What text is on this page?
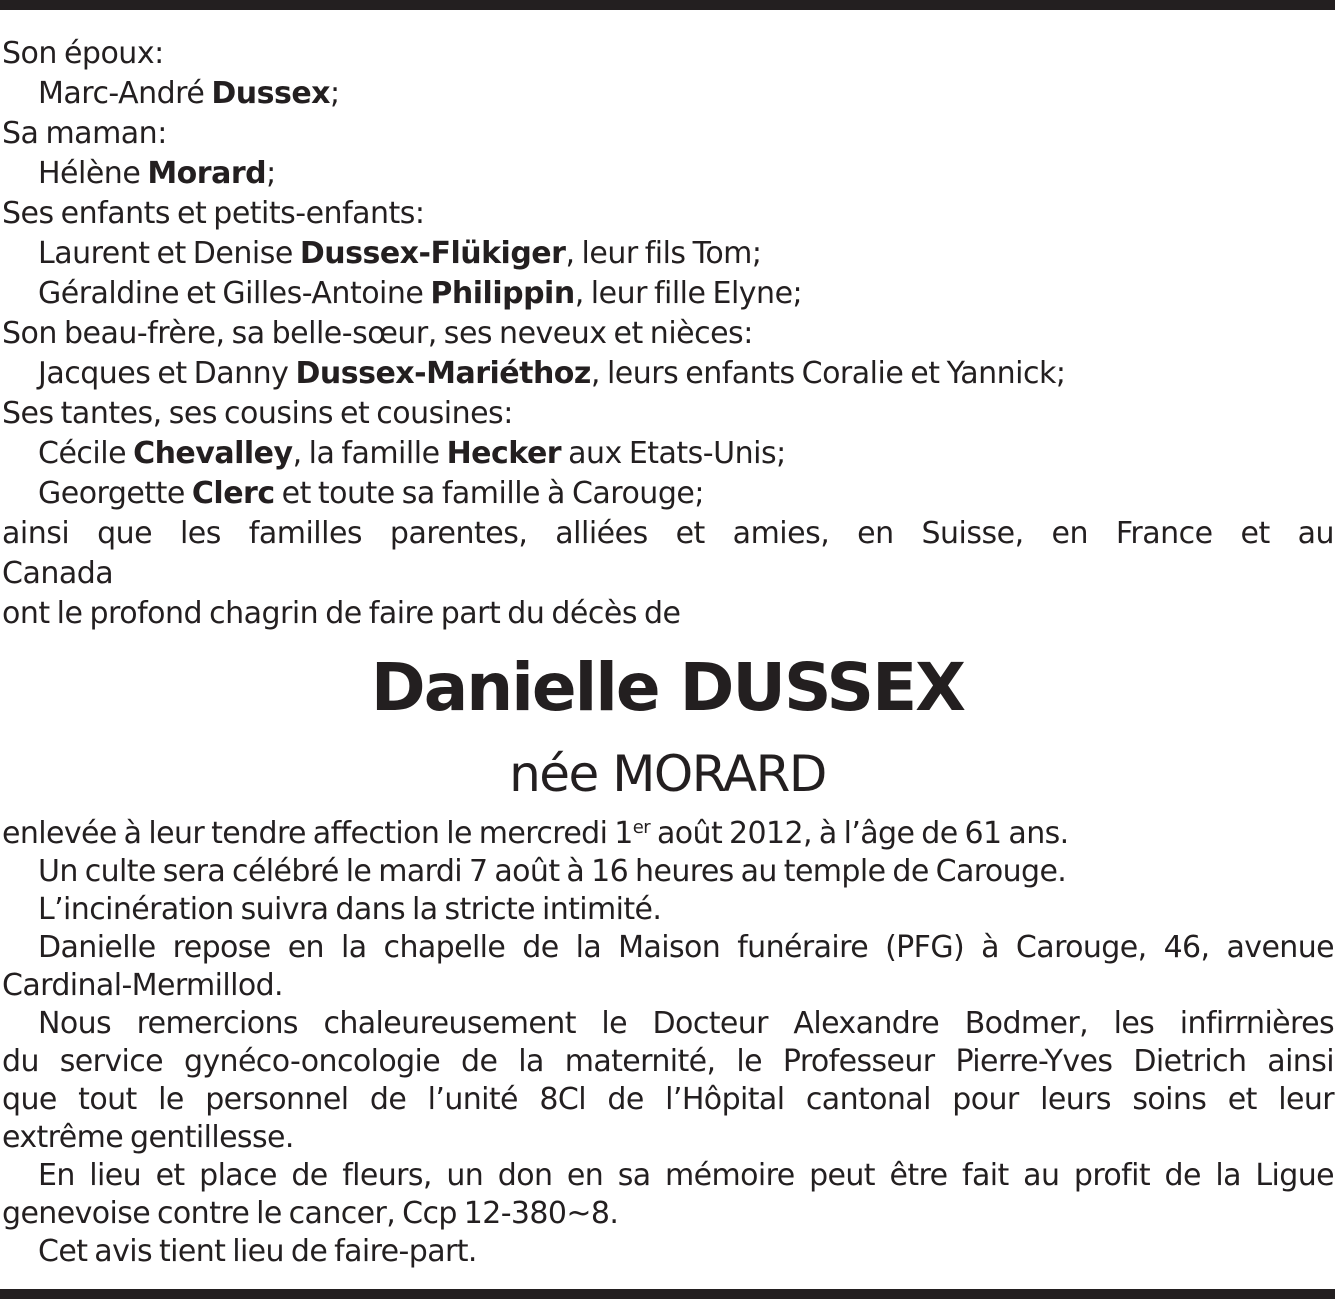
Son époux:
Marc-André Dussex;
Sa maman:
Hélène Morard;
Ses enfants et petits-enfants:
Laurent et Denise Dussex-Flükiger, leur fils Tom;
Géraldine et Gilles-Antoine Philippin, leur fille Elyne;
Son beau-frère, sa belle-sœur, ses neveux et nièces:
Jacques et Danny Dussex-Mariéthoz, leurs enfants Coralie et Yannick;
Ses tantes, ses cousins et cousines:
Cécile Chevalley, la famille Hecker aux Etats-Unis;
Georgette Clerc et toute sa famille à Carouge;
ainsi que les familles parentes, alliées et amies, en Suisse, en France et au
Canada
ont le profond chagrin de faire part du décès de
Danielle DUSSEX
née MORARD
enlevée à leur tendre affection le mercredi 1er août 2012, à l’âge de 61 ans.
Un culte sera célébré le mardi 7 août à 16 heures au temple de Carouge.
L’incinération suivra dans la stricte intimité.
Danielle repose en la chapelle de la Maison funéraire (PFG) à Carouge, 46, avenue
Cardinal-Mermillod.
Nous remercions chaleureusement le Docteur Alexandre Bodmer, les infirrnières
du service gynéco-oncologie de la maternité, le Professeur Pierre-Yves Dietrich ainsi
que tout le personnel de l’unité 8Cl de l’Hôpital cantonal pour leurs soins et leur
extrême gentillesse.
En lieu et place de fleurs, un don en sa mémoire peut être fait au profit de la Ligue
genevoise contre le cancer, Ccp 12-380~8.
Cet avis tient lieu de faire-part.
